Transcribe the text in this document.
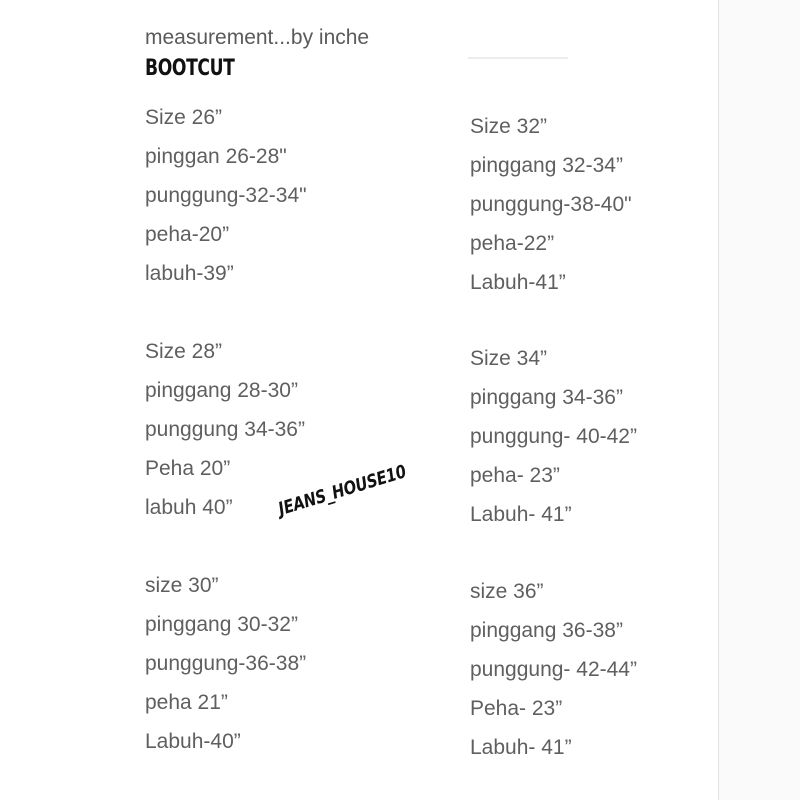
measurement...by inche
BOOTCUT
Size 26”
pinggan 26-28"
punggung-32-34"
peha-20”
labuh-39”
Size 32”
pinggang 32-34”
punggung-38-40"
peha-22”
Labuh-41”
Size 28”
pinggang 28-30”
punggung 34-36”
Peha 20”
labuh 40”
Size 34”
pinggang 34-36”
punggung- 40-42”
peha- 23”
Labuh- 41”
size 30”
pinggang 30-32”
punggung-36-38”
peha 21”
Labuh-40”
size 36”
pinggang 36-38”
punggung- 42-44”
Peha- 23”
Labuh- 41”
JEANS_HOUSE10
